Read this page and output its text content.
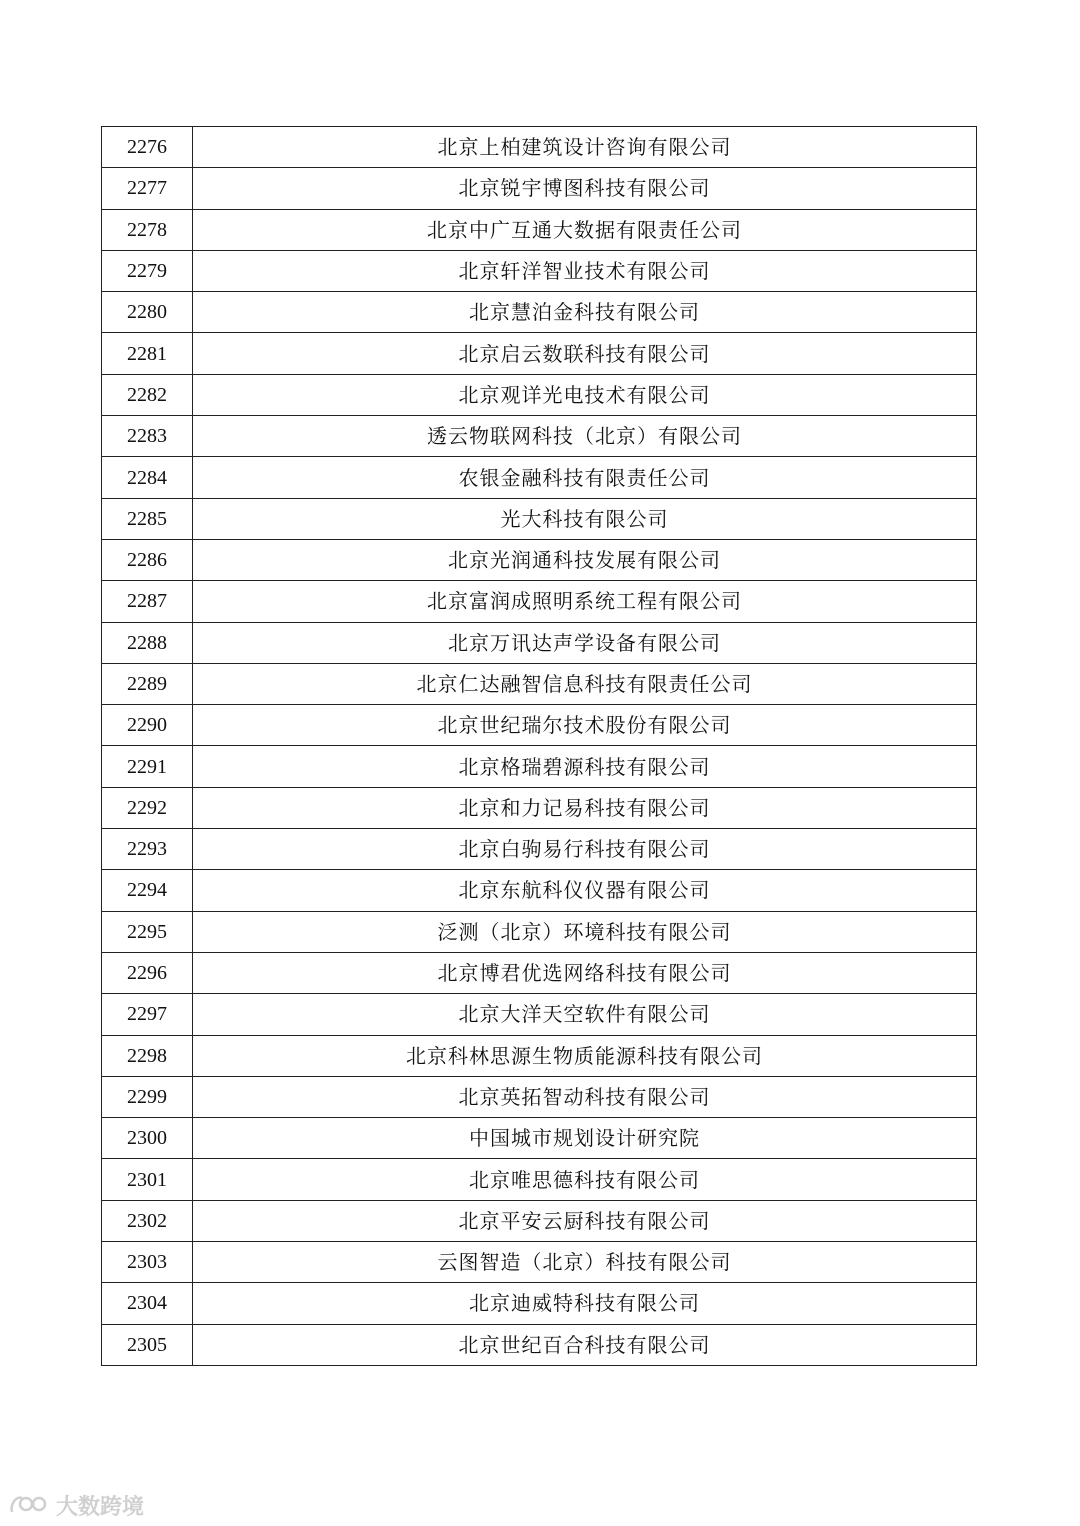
2276	北京上柏建筑设计咨询有限公司
2277	北京锐宇博图科技有限公司
2278	北京中广互通大数据有限责任公司
2279	北京轩洋智业技术有限公司
2280	北京慧泊金科技有限公司
2281	北京启云数联科技有限公司
2282	北京观详光电技术有限公司
2283	透云物联网科技（北京）有限公司
2284	农银金融科技有限责任公司
2285	光大科技有限公司
2286	北京光润通科技发展有限公司
2287	北京富润成照明系统工程有限公司
2288	北京万讯达声学设备有限公司
2289	北京仁达融智信息科技有限责任公司
2290	北京世纪瑞尔技术股份有限公司
2291	北京格瑞碧源科技有限公司
2292	北京和力记易科技有限公司
2293	北京白驹易行科技有限公司
2294	北京东航科仪仪器有限公司
2295	泛测（北京）环境科技有限公司
2296	北京博君优选网络科技有限公司
2297	北京大洋天空软件有限公司
2298	北京科林思源生物质能源科技有限公司
2299	北京英拓智动科技有限公司
2300	中国城市规划设计研究院
2301	北京唯思德科技有限公司
2302	北京平安云厨科技有限公司
2303	云图智造（北京）科技有限公司
2304	北京迪威特科技有限公司
2305	北京世纪百合科技有限公司
大数跨境
